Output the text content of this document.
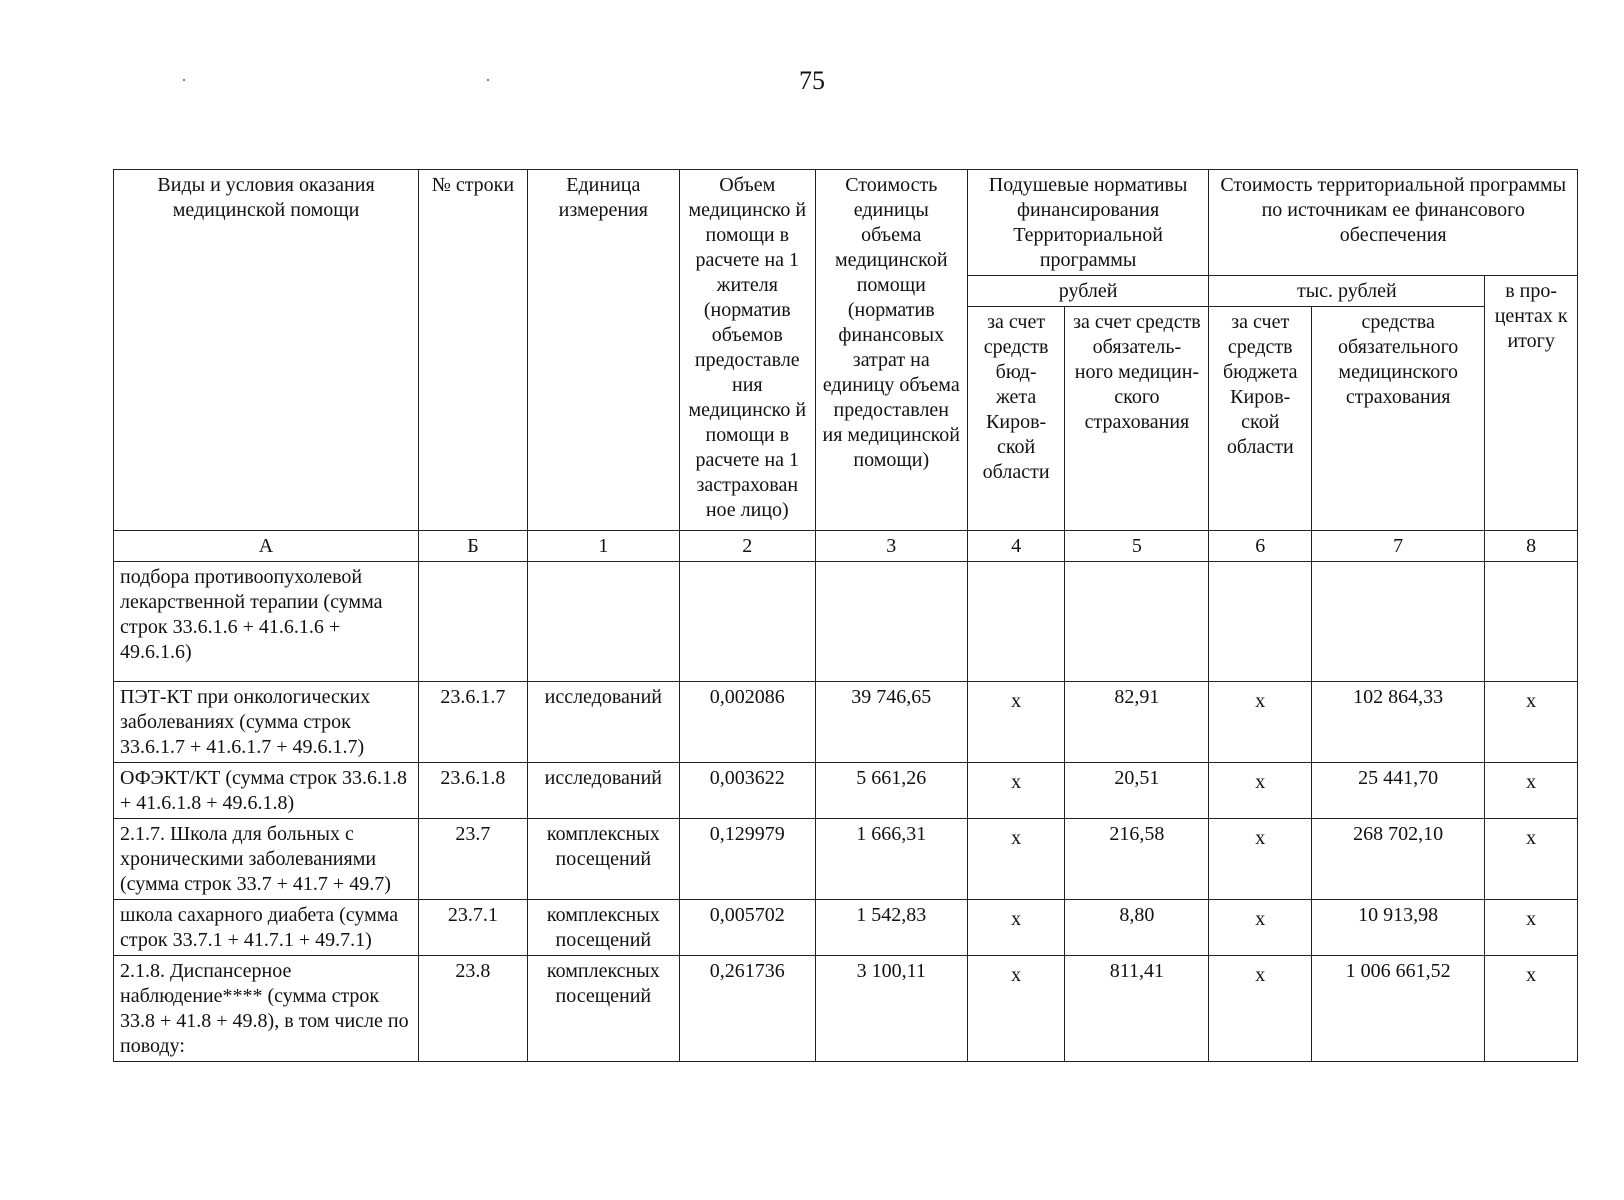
75
Виды и условия оказания медицинской помощи	№ строки	Единица измерения	Объем медицинско й помощи в расчете на 1 жителя (норматив объемов предоставле ния медицинско й помощи в расчете на 1 застрахован ное лицо)	Стоимость единицы объема медицинской помощи (норматив финансовых затрат на единицу объема предоставлен ия медицинской помощи)	Подушевые нормативы финансирования Территориальной программы		Стоимость территориальной программы по источникам ее финансового обеспечения		
					рублей		тыс. рублей		в про- центах к итогу
					за счет средств бюд- жета Киров- ской области	за счет средств обязатель- ного медицин- ского страхования	за счет средств бюджета Киров- ской области	средства обязательного медицинского страхования	
А	Б	1	2	3	4	5	6	7	8
подбора противоопухолевой лекарственной терапии (сумма строк 33.6.1.6 + 41.6.1.6 + 49.6.1.6)									
ПЭТ-КТ при онкологических заболеваниях (сумма строк 33.6.1.7 + 41.6.1.7 + 49.6.1.7)	23.6.1.7	исследований	0,002086	39 746,65	x	82,91	x	102 864,33	x
ОФЭКТ/КТ (сумма строк 33.6.1.8 + 41.6.1.8 + 49.6.1.8)	23.6.1.8	исследований	0,003622	5 661,26	x	20,51	x	25 441,70	x
2.1.7. Школа для больных с хроническими заболеваниями (сумма строк 33.7 + 41.7 + 49.7)	23.7	комплексных посещений	0,129979	1 666,31	x	216,58	x	268 702,10	x
школа сахарного диабета (сумма строк 33.7.1 + 41.7.1 + 49.7.1)	23.7.1	комплексных посещений	0,005702	1 542,83	x	8,80	x	10 913,98	x
2.1.8. Диспансерное наблюдение**** (сумма строк 33.8 + 41.8 + 49.8), в том числе по поводу:	23.8	комплексных посещений	0,261736	3 100,11	x	811,41	x	1 006 661,52	x
